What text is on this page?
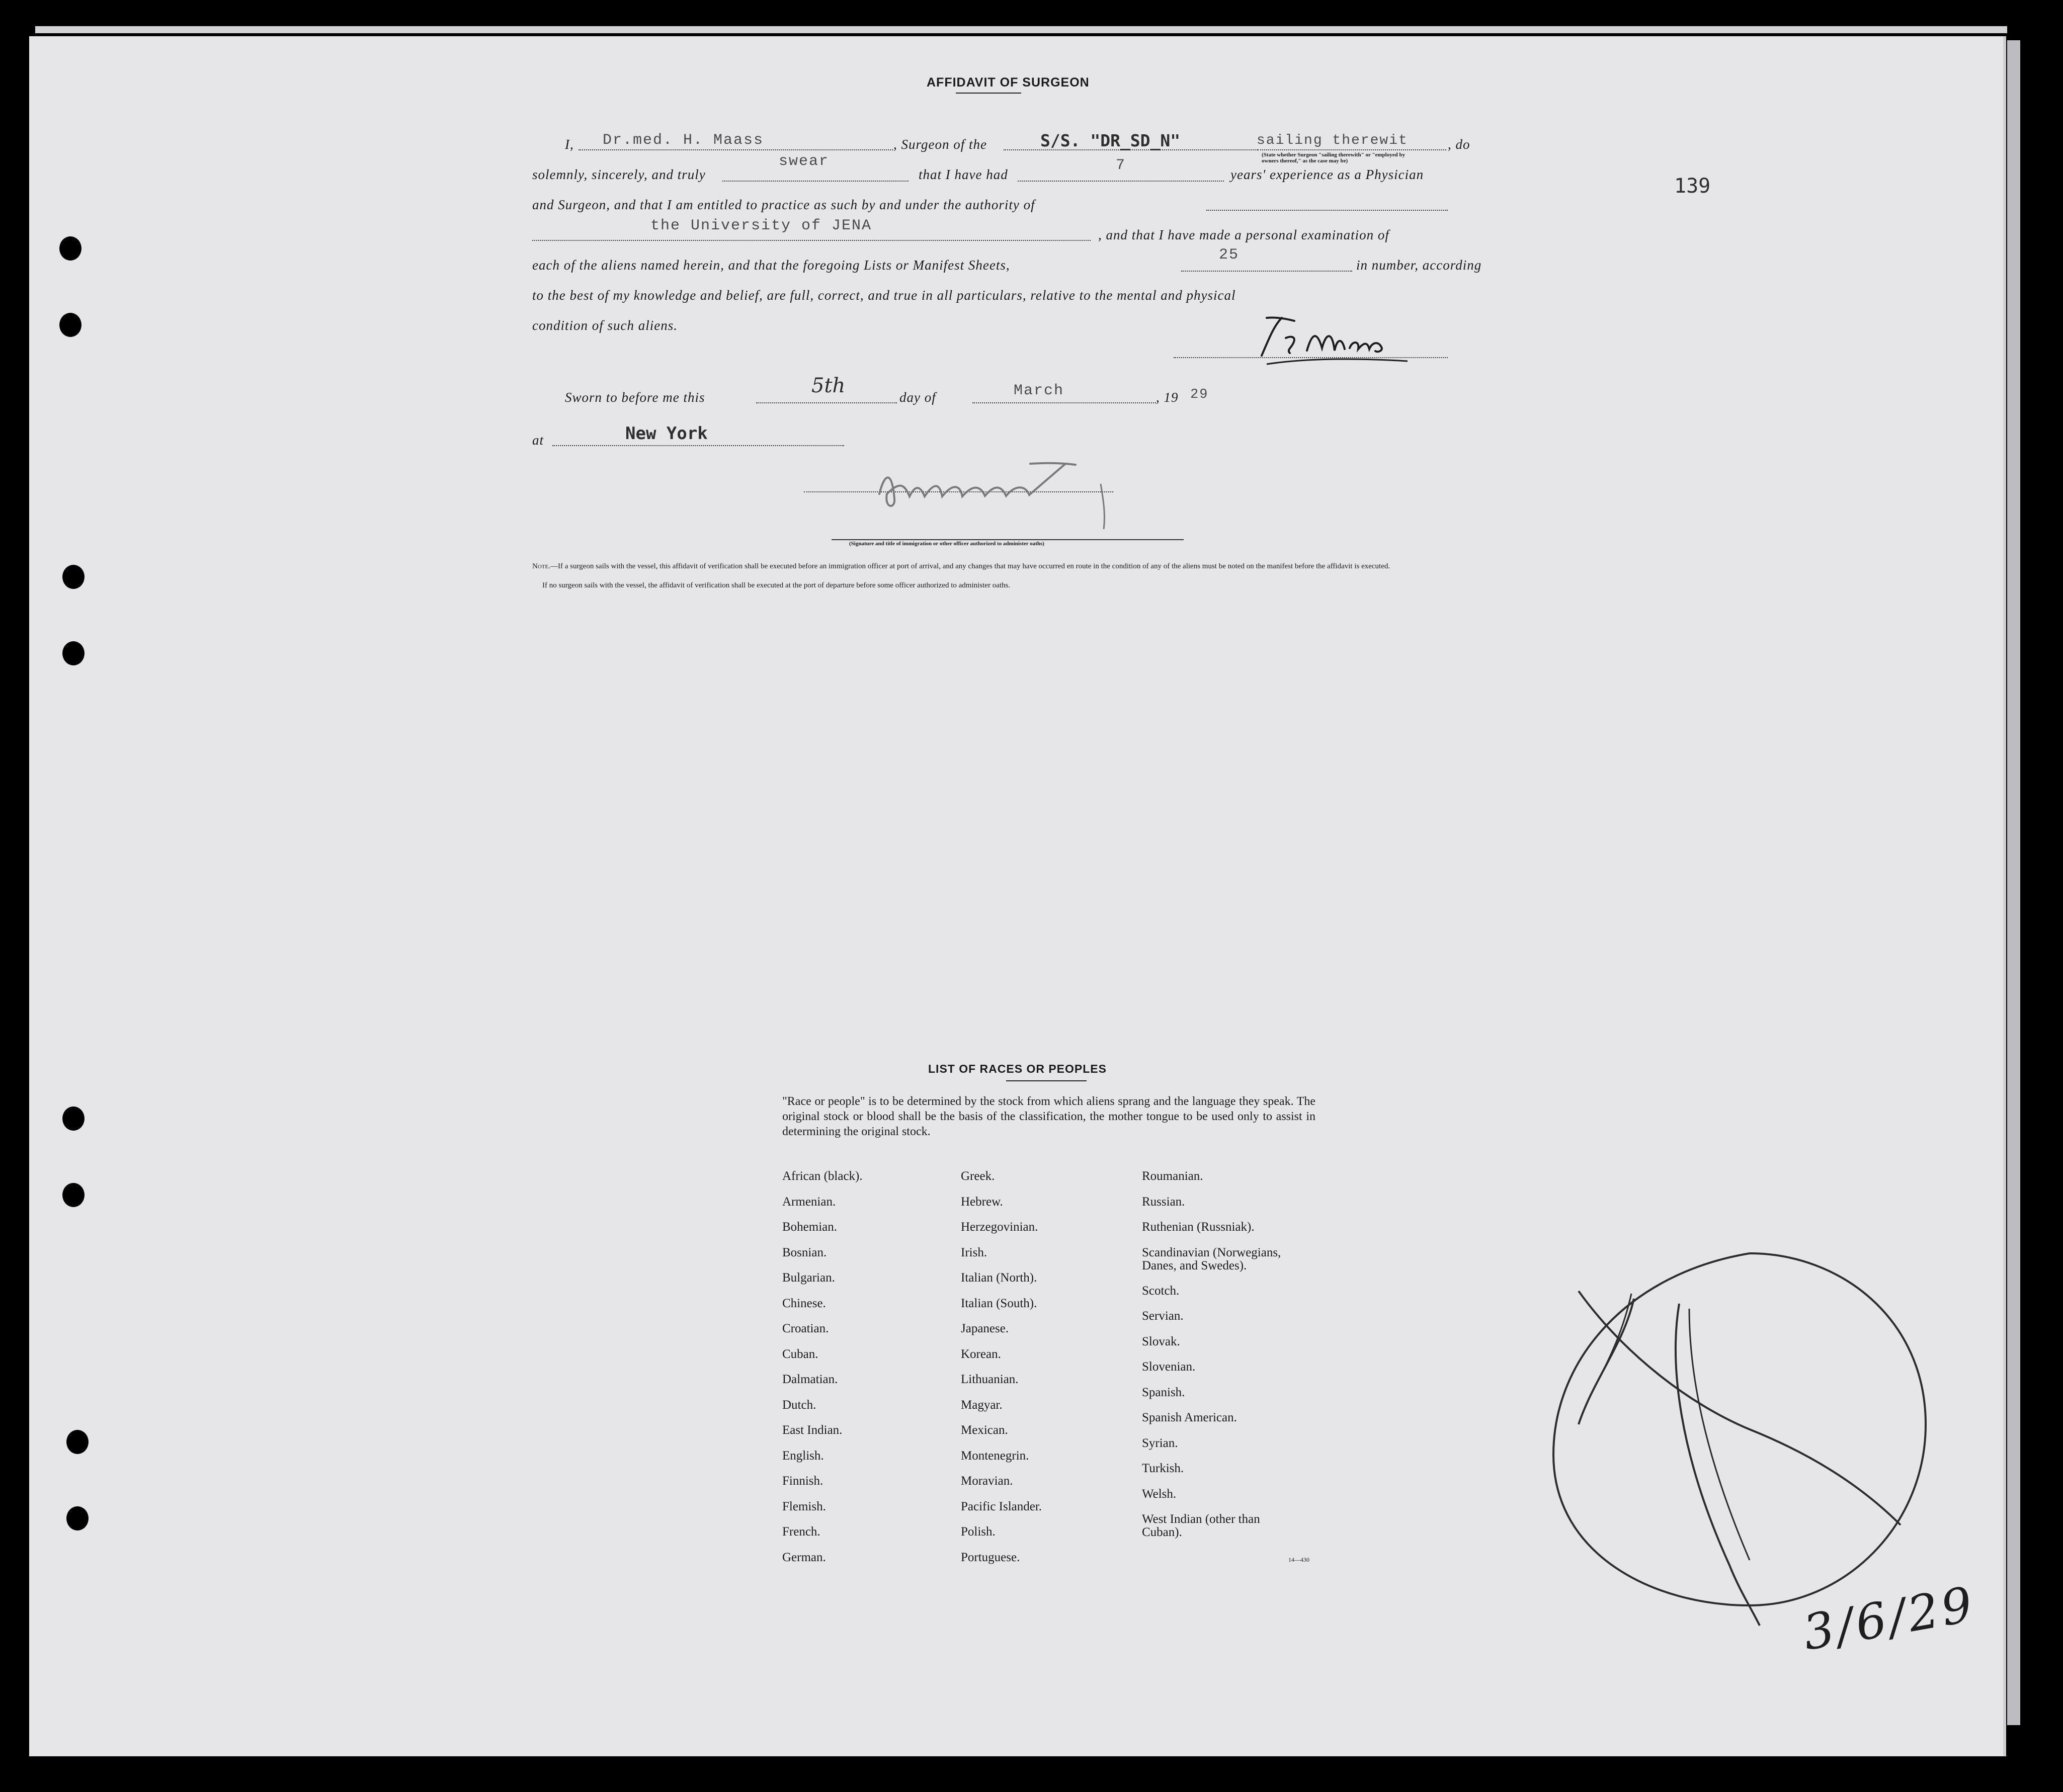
139
AFFIDAVIT OF SURGEON
I, Dr.med. H. Maass	, Surgeon of the	S/S. "DR_SD_N"	sailing therewit	, do
(State whether Surgeon "sailing therewith" or "employed by owners thereof," as the case may be)
solemnly, sincerely, and truly
swear
that I have had
7
years' experience as a Physician
and Surgeon, and that I am entitled to practice as such by and under the authority of
the University of JENA
, and that I have made a personal examination of
each of the aliens named herein, and that the foregoing Lists or Manifest Sheets,
25
in number, according
to the best of my knowledge and belief, are full, correct, and true in all particulars, relative to the mental and physical
condition of such aliens.
Sworn to before me this	5th	day of	March	, 19 29
at	New York
(Signature and title of immigration or other officer authorized to administer oaths)
Note.—If a surgeon sails with the vessel, this affidavit of verification shall be executed before an immigration officer at port of arrival, and any changes that may have occurred en route in the condition of any of the aliens must be noted on the manifest before the affidavit is executed.
If no surgeon sails with the vessel, the affidavit of verification shall be executed at the port of departure before some officer authorized to administer oaths.
LIST OF RACES OR PEOPLES
"Race or people" is to be determined by the stock from which aliens sprang and the language they speak. The original stock or blood shall be the basis of the classification, the mother tongue to be used only to assist in determining the original stock.
African (black).
Armenian.
Bohemian.
Bosnian.
Bulgarian.
Chinese.
Croatian.
Cuban.
Dalmatian.
Dutch.
East Indian.
English.
Finnish.
Flemish.
French.
German.
Greek.
Hebrew.
Herzegovinian.
Irish.
Italian (North).
Italian (South).
Japanese.
Korean.
Lithuanian.
Magyar.
Mexican.
Montenegrin.
Moravian.
Pacific Islander.
Polish.
Portuguese.
Roumanian.
Russian.
Ruthenian (Russniak).
Scandinavian (Norwegians, Danes, and Swedes).
Scotch.
Servian.
Slovak.
Slovenian.
Spanish.
Spanish American.
Syrian.
Turkish.
Welsh.
West Indian (other than Cuban).
14—430
3/6/29
